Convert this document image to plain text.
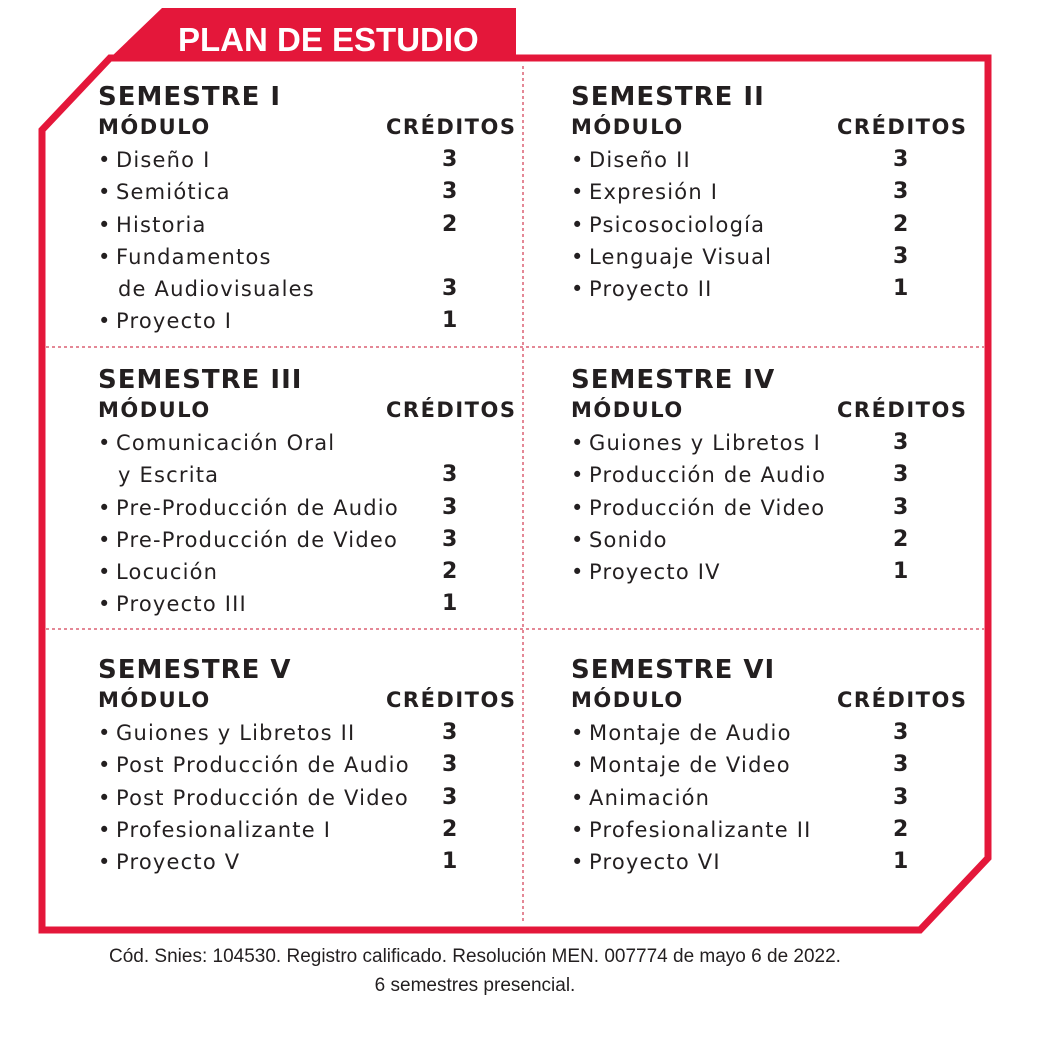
PLAN DE ESTUDIO
SEMESTRE I
MÓDULO	CRÉDITOS
• Diseño I	3
• Semiótica	3
• Historia	2
• Fundamentos
de Audiovisuales	3
• Proyecto I	1
SEMESTRE II
MÓDULO	CRÉDITOS
• Diseño II	3
• Expresión I	3
• Psicosociología	2
• Lenguaje Visual	3
• Proyecto II	1
SEMESTRE III
MÓDULO	CRÉDITOS
• Comunicación Oral
y Escrita	3
• Pre-Producción de Audio 3
• Pre-Producción de Video 3
• Locución	2
• Proyecto III	1
SEMESTRE IV
MÓDULO	CRÉDITOS
• Guiones y Libretos I	3
• Producción de Audio	3
• Producción de Video	3
• Sonido	2
• Proyecto IV	1
SEMESTRE V
MÓDULO	CRÉDITOS
• Guiones y Libretos II	3
• Post Producción de Audio 3
• Post Producción de Video 3
• Profesionalizante I	2
• Proyecto V	1
SEMESTRE VI
MÓDULO	CRÉDITOS
• Montaje de Audio	3
• Montaje de Video	3
• Animación	3
• Profesionalizante II	2
• Proyecto VI	1
Cód. Snies: 104530. Registro calificado. Resolución MEN. 007774 de mayo 6 de 2022.
6 semestres presencial.
